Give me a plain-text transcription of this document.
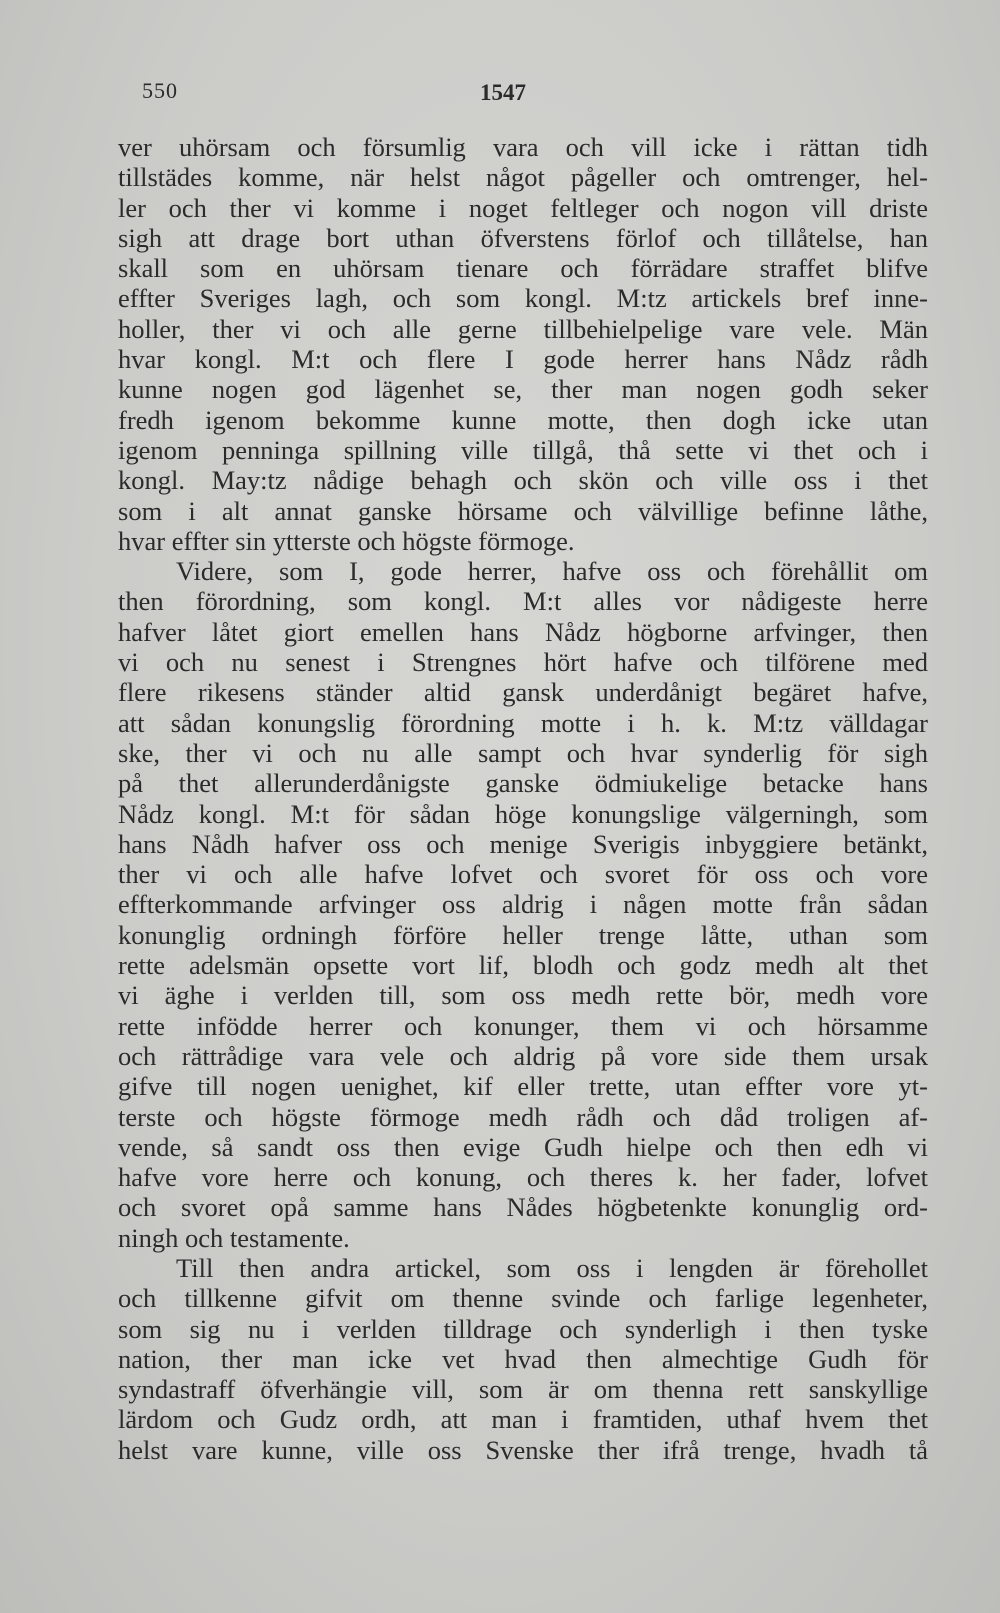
550	1547
ver uhörsam och försumlig vara och vill icke i rättan tidh
tillstädes komme, när helst något pågeller och omtrenger, hel-
ler och ther vi komme i noget feltleger och nogon vill driste
sigh att drage bort uthan öfverstens förlof och tillåtelse, han
skall som en uhörsam tienare och förrädare straffet blifve
effter Sveriges lagh, och som kongl. M:tz artickels bref inne-
holler, ther vi och alle gerne tillbehielpelige vare vele. Män
hvar kongl. M:t och flere I gode herrer hans Nådz rådh
kunne nogen god lägenhet se, ther man nogen godh seker
fredh igenom bekomme kunne motte, then dogh icke utan
igenom penninga spillning ville tillgå, thå sette vi thet och i
kongl. May:tz nådige behagh och skön och ville oss i thet
som i alt annat ganske hörsame och välvillige befinne låthe,
hvar effter sin ytterste och högste förmoge.
Videre, som I, gode herrer, hafve oss och förehållit om
then förordning, som kongl. M:t alles vor nådigeste herre
hafver låtet giort emellen hans Nådz högborne arfvinger, then
vi och nu senest i Strengnes hört hafve och tilförene med
flere rikesens ständer altid gansk underdånigt begäret hafve,
att sådan konungslig förordning motte i h. k. M:tz välldagar
ske, ther vi och nu alle sampt och hvar synderlig för sigh
på thet allerunderdånigste ganske ödmiukelige betacke hans
Nådz kongl. M:t för sådan höge konungslige välgerningh, som
hans Nådh hafver oss och menige Sverigis inbyggiere betänkt,
ther vi och alle hafve lofvet och svoret för oss och vore
effterkommande arfvinger oss aldrig i någen motte från sådan
konunglig ordningh förföre heller trenge låtte, uthan som
rette adelsmän opsette vort lif, blodh och godz medh alt thet
vi äghe i verlden till, som oss medh rette bör, medh vore
rette infödde herrer och konunger, them vi och hörsamme
och rättrådige vara vele och aldrig på vore side them ursak
gifve till nogen uenighet, kif eller trette, utan effter vore yt-
terste och högste förmoge medh rådh och dåd troligen af-
vende, så sandt oss then evige Gudh hielpe och then edh vi
hafve vore herre och konung, och theres k. her fader, lofvet
och svoret opå samme hans Nådes högbetenkte konunglig ord-
ningh och testamente.
Till then andra artickel, som oss i lengden är förehollet
och tillkenne gifvit om thenne svinde och farlige legenheter,
som sig nu i verlden tilldrage och synderligh i then tyske
nation, ther man icke vet hvad then almechtige Gudh för
syndastraff öfverhängie vill, som är om thenna rett sanskyllige
lärdom och Gudz ordh, att man i framtiden, uthaf hvem thet
helst vare kunne, ville oss Svenske ther ifrå trenge, hvadh tå
